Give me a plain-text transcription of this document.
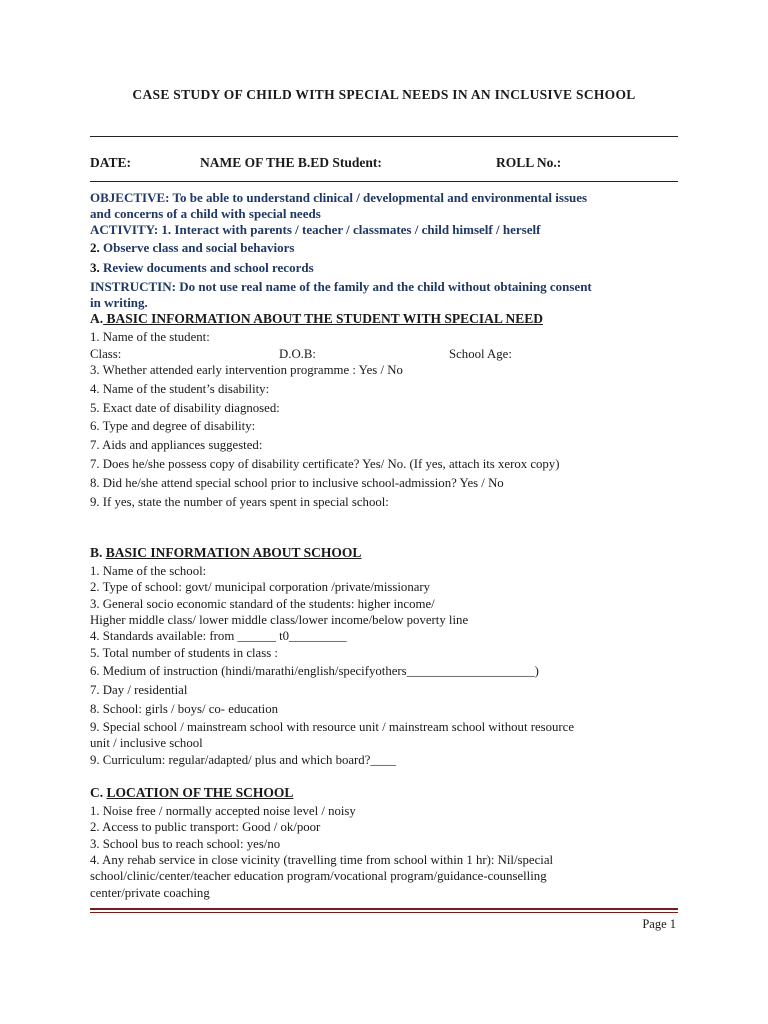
CASE STUDY OF CHILD WITH SPECIAL NEEDS IN AN INCLUSIVE SCHOOL
DATE:	NAME OF THE B.ED Student:	ROLL No.:
OBJECTIVE: To be able to understand clinical / developmental and environmental issues
and concerns of a child with special needs
ACTIVITY: 1. Interact with parents / teacher / classmates / child himself / herself
2. Observe class and social behaviors
3. Review documents and school records
INSTRUCTIN: Do not use real name of the family and the child without obtaining consent
in writing.
A. BASIC INFORMATION ABOUT THE STUDENT WITH SPECIAL NEED
1. Name of the student:
Class:	D.O.B:	School Age:
3. Whether attended early intervention programme : Yes / No
4. Name of the student’s disability:
5. Exact date of disability diagnosed:
6. Type and degree of disability:
7. Aids and appliances suggested:
7. Does he/she possess copy of disability certificate? Yes/ No. (If yes, attach its xerox copy)
8. Did he/she attend special school prior to inclusive school-admission? Yes / No
9. If yes, state the number of years spent in special school:
B. BASIC INFORMATION ABOUT SCHOOL
1. Name of the school:
2. Type of school: govt/ municipal corporation /private/missionary
3. General socio economic standard of the students: higher income/
Higher middle class/ lower middle class/lower income/below poverty line
4. Standards available: from ______ t0_________
5. Total number of students in class :
6. Medium of instruction (hindi/marathi/english/specifyothers____________________)
7. Day / residential
8. School: girls / boys/ co- education
9. Special school / mainstream school with resource unit / mainstream school without resource
unit / inclusive school
9. Curriculum: regular/adapted/ plus and which board?____
C. LOCATION OF THE SCHOOL
1. Noise free / normally accepted noise level / noisy
2. Access to public transport: Good / ok/poor
3. School bus to reach school: yes/no
4. Any rehab service in close vicinity (travelling time from school within 1 hr): Nil/special
school/clinic/center/teacher education program/vocational program/guidance-counselling
center/private coaching
Page 1
